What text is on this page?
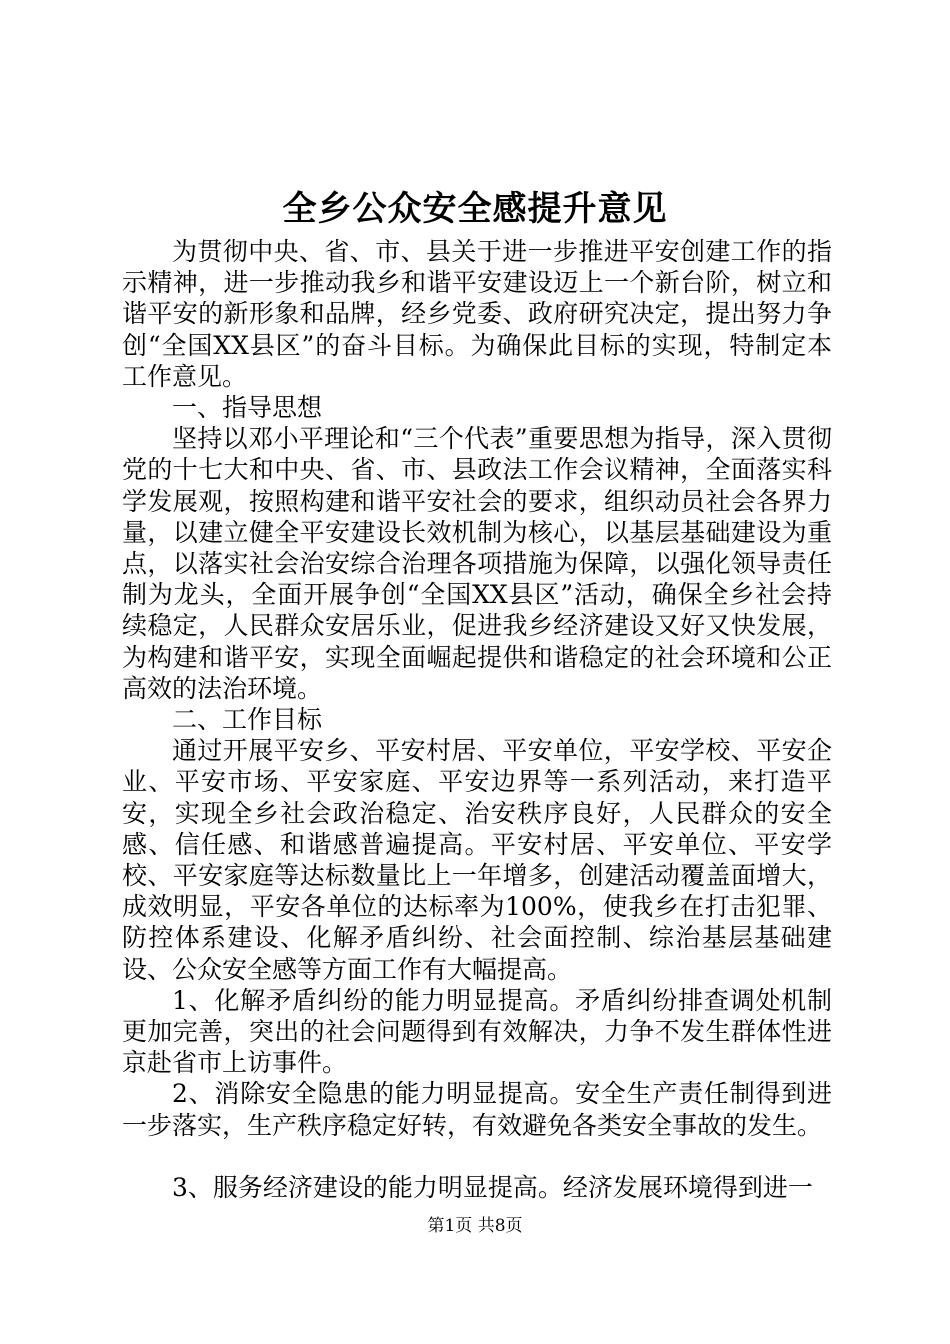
全乡公众安全感提升意见

为贯彻中央、省、市、县关于进一步推进平安创建工作的指示精神，进一步推动我乡和谐平安建设迈上一个新台阶，树立和谐平安的新形象和品牌，经乡党委、政府研究决定，提出努力争创“全国XX县区”的奋斗目标。为确保此目标的实现，特制定本工作意见。

一、指导思想

坚持以邓小平理论和“三个代表”重要思想为指导，深入贯彻党的十七大和中央、省、市、县政法工作会议精神，全面落实科学发展观，按照构建和谐平安社会的要求，组织动员社会各界力量，以建立健全平安建设长效机制为核心，以基层基础建设为重点，以落实社会治安综合治理各项措施为保障，以强化领导责任制为龙头，全面开展争创“全国XX县区”活动，确保全乡社会持续稳定，人民群众安居乐业，促进我乡经济建设又好又快发展，为构建和谐平安，实现全面崛起提供和谐稳定的社会环境和公正高效的法治环境。

二、工作目标

通过开展平安乡、平安村居、平安单位，平安学校、平安企业、平安市场、平安家庭、平安边界等一系列活动，来打造平安，实现全乡社会政治稳定、治安秩序良好，人民群众的安全感、信任感、和谐感普遍提高。平安村居、平安单位、平安学校、平安家庭等达标数量比上一年增多，创建活动覆盖面增大，成效明显，平安各单位的达标率为100%，使我乡在打击犯罪、防控体系建设、化解矛盾纠纷、社会面控制、综治基层基础建设、公众安全感等方面工作有大幅提高。

1、化解矛盾纠纷的能力明显提高。矛盾纠纷排查调处机制更加完善，突出的社会问题得到有效解决，力争不发生群体性进京赴省市上访事件。

2、消除安全隐患的能力明显提高。安全生产责任制得到进一步落实，生产秩序稳定好转，有效避免各类安全事故的发生。

3、服务经济建设的能力明显提高。经济发展环境得到进一

第1页 共8页
